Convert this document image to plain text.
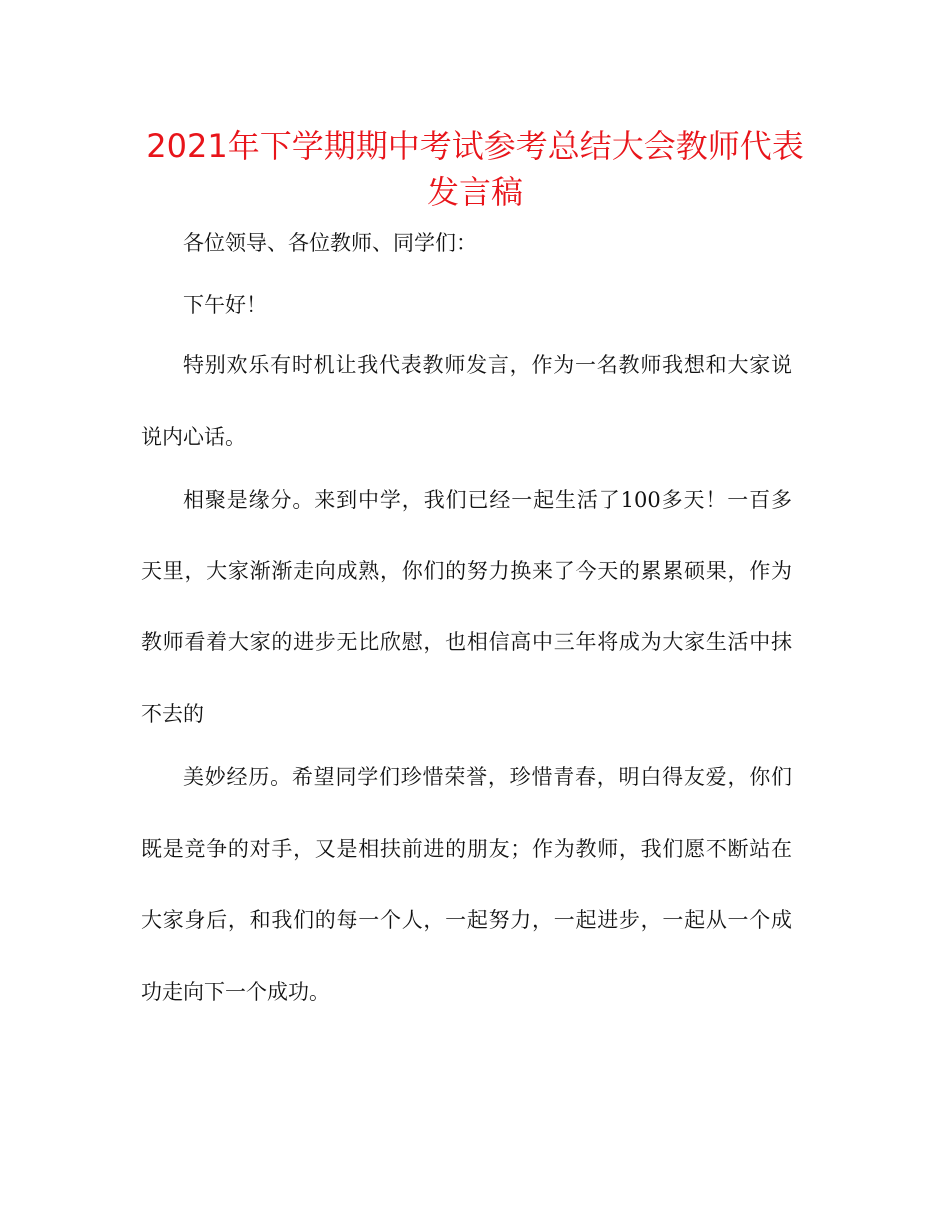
2021年下学期期中考试参考总结大会教师代表
发言稿

各位领导、各位教师、同学们：

下午好！

特别欢乐有时机让我代表教师发言，作为一名教师我想和大家说

说内心话。

相聚是缘分。来到中学，我们已经一起生活了100多天！一百多

天里，大家渐渐走向成熟，你们的努力换来了今天的累累硕果，作为

教师看着大家的进步无比欣慰，也相信高中三年将成为大家生活中抹

不去的

美妙经历。希望同学们珍惜荣誉，珍惜青春，明白得友爱，你们

既是竞争的对手，又是相扶前进的朋友；作为教师，我们愿不断站在

大家身后，和我们的每一个人，一起努力，一起进步，一起从一个成

功走向下一个成功。
